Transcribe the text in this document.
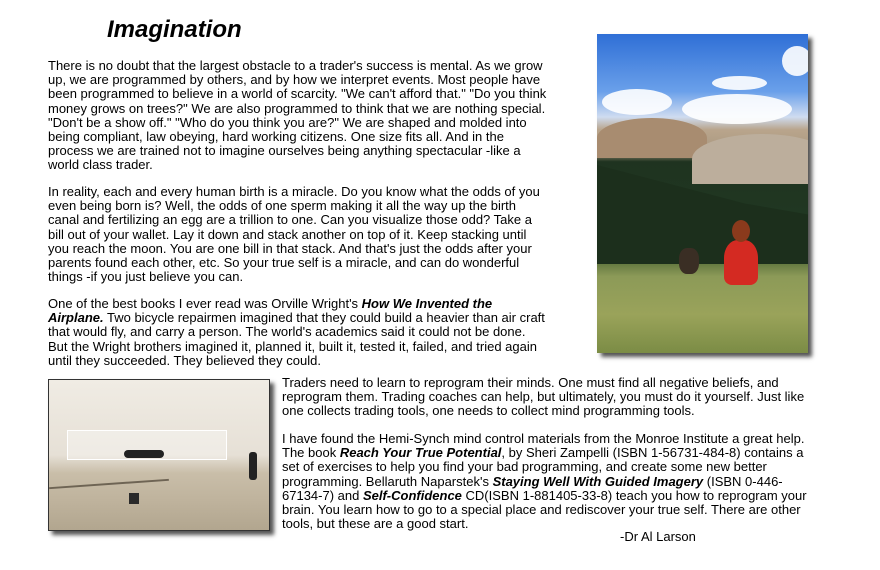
Imagination

There is no doubt that the largest obstacle to a trader's success is mental. As we grow up, we are programmed by others, and by how we interpret events. Most people have been programmed to believe in a world of scarcity. "We can't afford that." "Do you think money grows on trees?" We are also programmed to think that we are nothing special. "Don't be a show off." "Who do you think you are?" We are shaped and molded into being compliant, law obeying, hard working citizens. One size fits all. And in the process we are trained not to imagine ourselves being anything spectacular -like a world class trader.

In reality, each and every human birth is a miracle. Do you know what the odds of you even being born is? Well, the odds of one sperm making it all the way up the birth canal and fertilizing an egg are a trillion to one. Can you visualize those odd? Take a bill out of your wallet. Lay it down and stack another on top of it. Keep stacking until you reach the moon. You are one bill in that stack. And that's just the odds after your parents found each other, etc. So your true self is a miracle, and can do wonderful things -if you just believe you can.

One of the best books I ever read was Orville Wright's How We Invented the Airplane. Two bicycle repairmen imagined that they could build a heavier than air craft that would fly, and carry a person. The world's academics said it could not be done. But the Wright brothers imagined it, planned it, built it, tested it, failed, and tried again until they succeeded. They believed they could.

Traders need to learn to reprogram their minds. One must find all negative beliefs, and reprogram them. Trading coaches can help, but ultimately, you must do it yourself. Just like one collects trading tools, one needs to collect mind programming tools.

I have found the Hemi-Synch mind control materials from the Monroe Institute a great help. The book Reach Your True Potential, by Sheri Zampelli (ISBN 1-56731-484-8) contains a set of exercises to help you find your bad programming, and create some new better programming. Bellaruth Naparstek's Staying Well With Guided Imagery (ISBN 0-446-67134-7) and Self-Confidence CD(ISBN 1-881405-33-8) teach you how to reprogram your brain. You learn how to go to a special place and rediscover your true self. There are other tools, but these are a good start.

-Dr Al Larson
